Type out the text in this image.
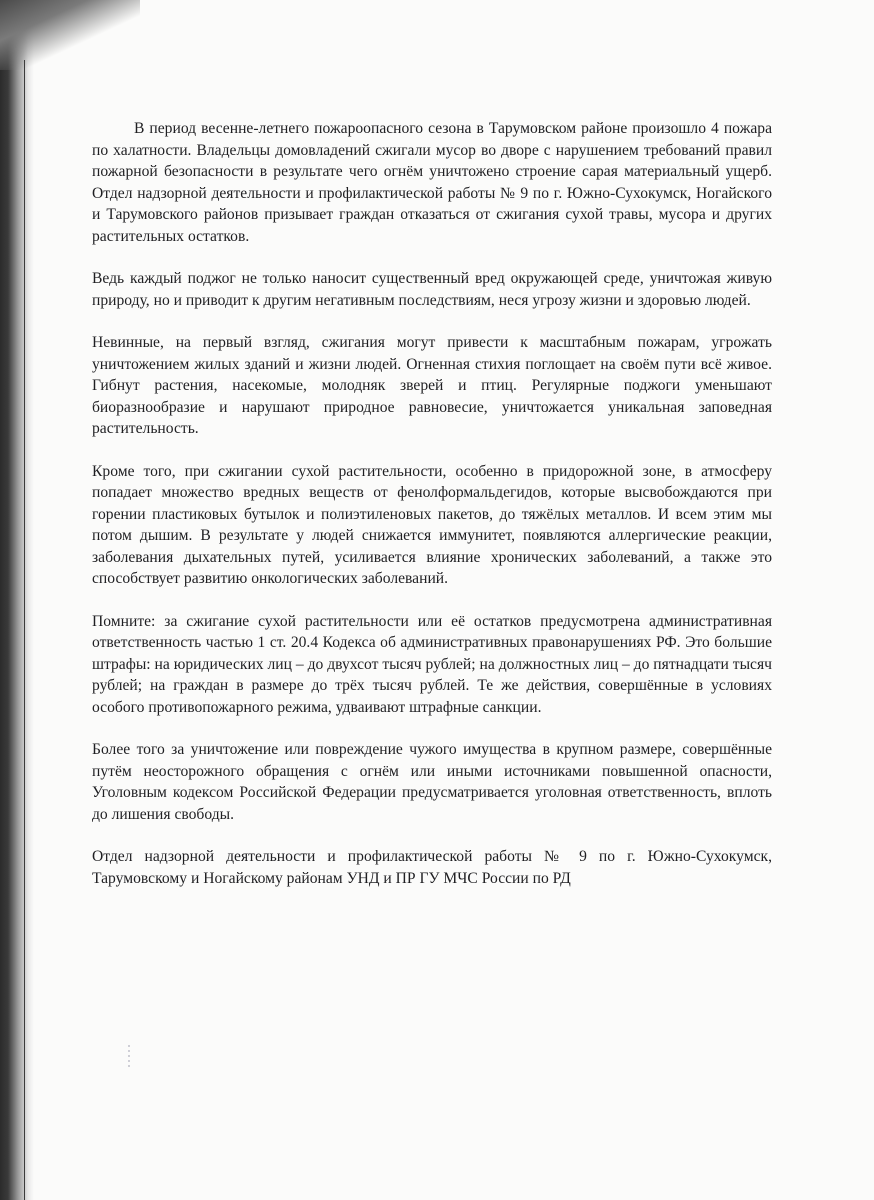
В период весенне-летнего пожароопасного сезона в Тарумовском районе произошло 4 пожара по халатности. Владельцы домовладений сжигали мусор во дворе с нарушением требований правил пожарной безопасности в результате чего огнём уничтожено строение сарая материальный ущерб. Отдел надзорной деятельности и профилактической работы № 9 по г. Южно-Сухокумск, Ногайского и Тарумовского районов призывает граждан отказаться от сжигания сухой травы, мусора и других растительных остатков.

Ведь каждый поджог не только наносит существенный вред окружающей среде, уничтожая живую природу, но и приводит к другим негативным последствиям, неся угрозу жизни и здоровью людей.

Невинные, на первый взгляд, сжигания могут привести к масштабным пожарам, угрожать уничтожением жилых зданий и жизни людей. Огненная стихия поглощает на своём пути всё живое. Гибнут растения, насекомые, молодняк зверей и птиц. Регулярные поджоги уменьшают биоразнообразие и нарушают природное равновесие, уничтожается уникальная заповедная растительность.

Кроме того, при сжигании сухой растительности, особенно в придорожной зоне, в атмосферу попадает множество вредных веществ от фенолформальдегидов, которые высвобождаются при горении пластиковых бутылок и полиэтиленовых пакетов, до тяжёлых металлов. И всем этим мы потом дышим. В результате у людей снижается иммунитет, появляются аллергические реакции, заболевания дыхательных путей, усиливается влияние хронических заболеваний, а также это способствует развитию онкологических заболеваний.

Помните: за сжигание сухой растительности или её остатков предусмотрена административная ответственность частью 1 ст. 20.4 Кодекса об административных правонарушениях РФ. Это большие штрафы: на юридических лиц – до двухсот тысяч рублей; на должностных лиц – до пятнадцати тысяч рублей; на граждан в размере до трёх тысяч рублей. Те же действия, совершённые в условиях особого противопожарного режима, удваивают штрафные санкции.

Более того за уничтожение или повреждение чужого имущества в крупном размере, совершённые путём неосторожного обращения с огнём или иными источниками повышенной опасности, Уголовным кодексом Российской Федерации предусматривается уголовная ответственность, вплоть до лишения свободы.

Отдел надзорной деятельности и профилактической работы № 9 по г. Южно-Сухокумск, Тарумовскому и Ногайскому районам УНД и ПР ГУ МЧС России по РД
